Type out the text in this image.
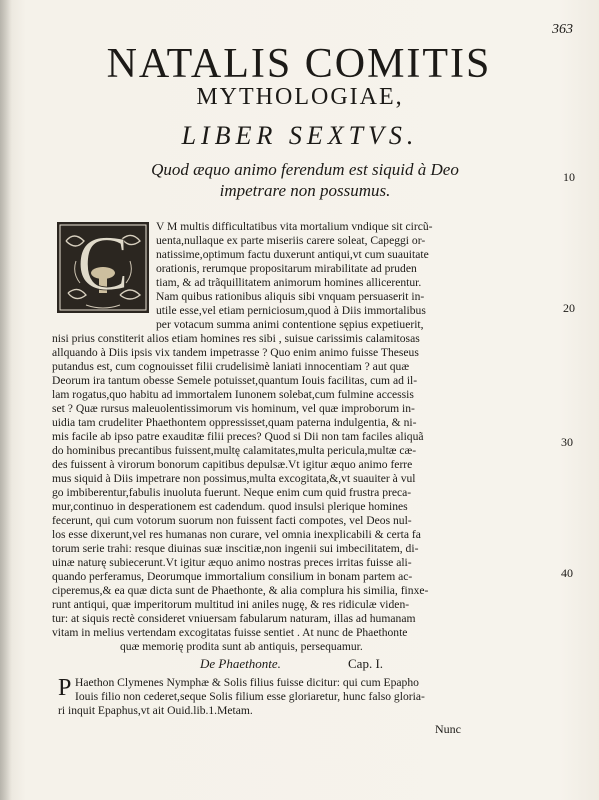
363
NATALIS COMITIS
MYTHOLOGIAE,
LIBER SEXTVS.
Quod æquo animo ferendum est siquid à Deo
impetrare non possumus.
10
20
30
40
C V M multis difficultatibus vita mortalium vndique sit circũ-
uenta,nullaque ex parte miseriis carere soleat, Capeggi or-
natissime,optimum factu duxerunt antiqui,vt cum suauitate
orationis, rerumque propositarum mirabilitate ad pruden
tiam, & ad trãquillitatem animorum homines allicerentur.
Nam quibus rationibus aliquis sibi vnquam persuaserit in-
utile esse,vel etiam perniciosum,quod à Diis immortalibus
per votacum summa animi contentione sępius expetiuerit,
nisi prius constiterit alios etiam homines res sibi , suisue carissimis calamitosas
allquando à Diis ipsis vix tandem impetrasse ? Quo enim animo fuisse Theseus
putandus est, cum cognouisset filii crudelisimè laniati innocentiam ? aut quæ
Deorum ira tantum obesse Semele potuisset,quantum Iouis facilitas, cum ad il-
lam rogatus,quo habitu ad immortalem Iunonem solebat,cum fulmine accessis
set ? Quæ rursus maleuolentissimorum vis hominum, vel quæ improborum in-
uidia tam crudeliter Phaethontem oppressisset,quam paterna indulgentia, & ni-
mis facile ab ipso patre exauditæ filii preces? Quod si Dii non tam faciles aliquã
do hominibus precantibus fuissent,multę calamitates,multa pericula,multæ cæ-
des fuissent à virorum bonorum capitibus depulsæ.Vt igitur æquo animo ferre
mus siquid à Diis impetrare non possimus,multa excogitata,&,vt suauiter à vul
go imbiberentur,fabulis inuoluta fuerunt. Neque enim cum quid frustra preca-
mur,continuo in desperationem est cadendum. quod insulsi plerique homines
fecerunt, qui cum votorum suorum non fuissent facti compotes, vel Deos nul-
los esse dixerunt,vel res humanas non curare, vel omnia inexplicabili & certa fa
torum serie trahi: resque diuinas suæ inscitiæ,non ingenii sui imbecilitatem, di-
uinæ naturę subiecerunt.Vt igitur æquo animo nostras preces irritas fuisse ali-
quando perferamus, Deorumque immortalium consilium in bonam partem ac-
ciperemus,& ea quæ dicta sunt de Phaethonte, & alia complura his similia, finxe-
runt antiqui, quæ imperitorum multitud ini aniles nugę, & res ridiculæ viden-
tur: at siquis rectè consideret vniuersam fabularum naturam, illas ad humanam
vitam in melius vertendam excogitatas fuisse sentiet . At nunc de Phaethonte
quæ memorię prodita sunt ab antiquis, persequamur.
De Phaethonte.	Cap. I.
P Haethon Clymenes Nymphæ & Solis filius fuisse dicitur: qui cum Epapho
Iouis filio non cederet,seque Solis filium esse gloriaretur, hunc falso gloria-
ri inquit Epaphus,vt ait Ouid.lib.1.Metam.
Nunc
